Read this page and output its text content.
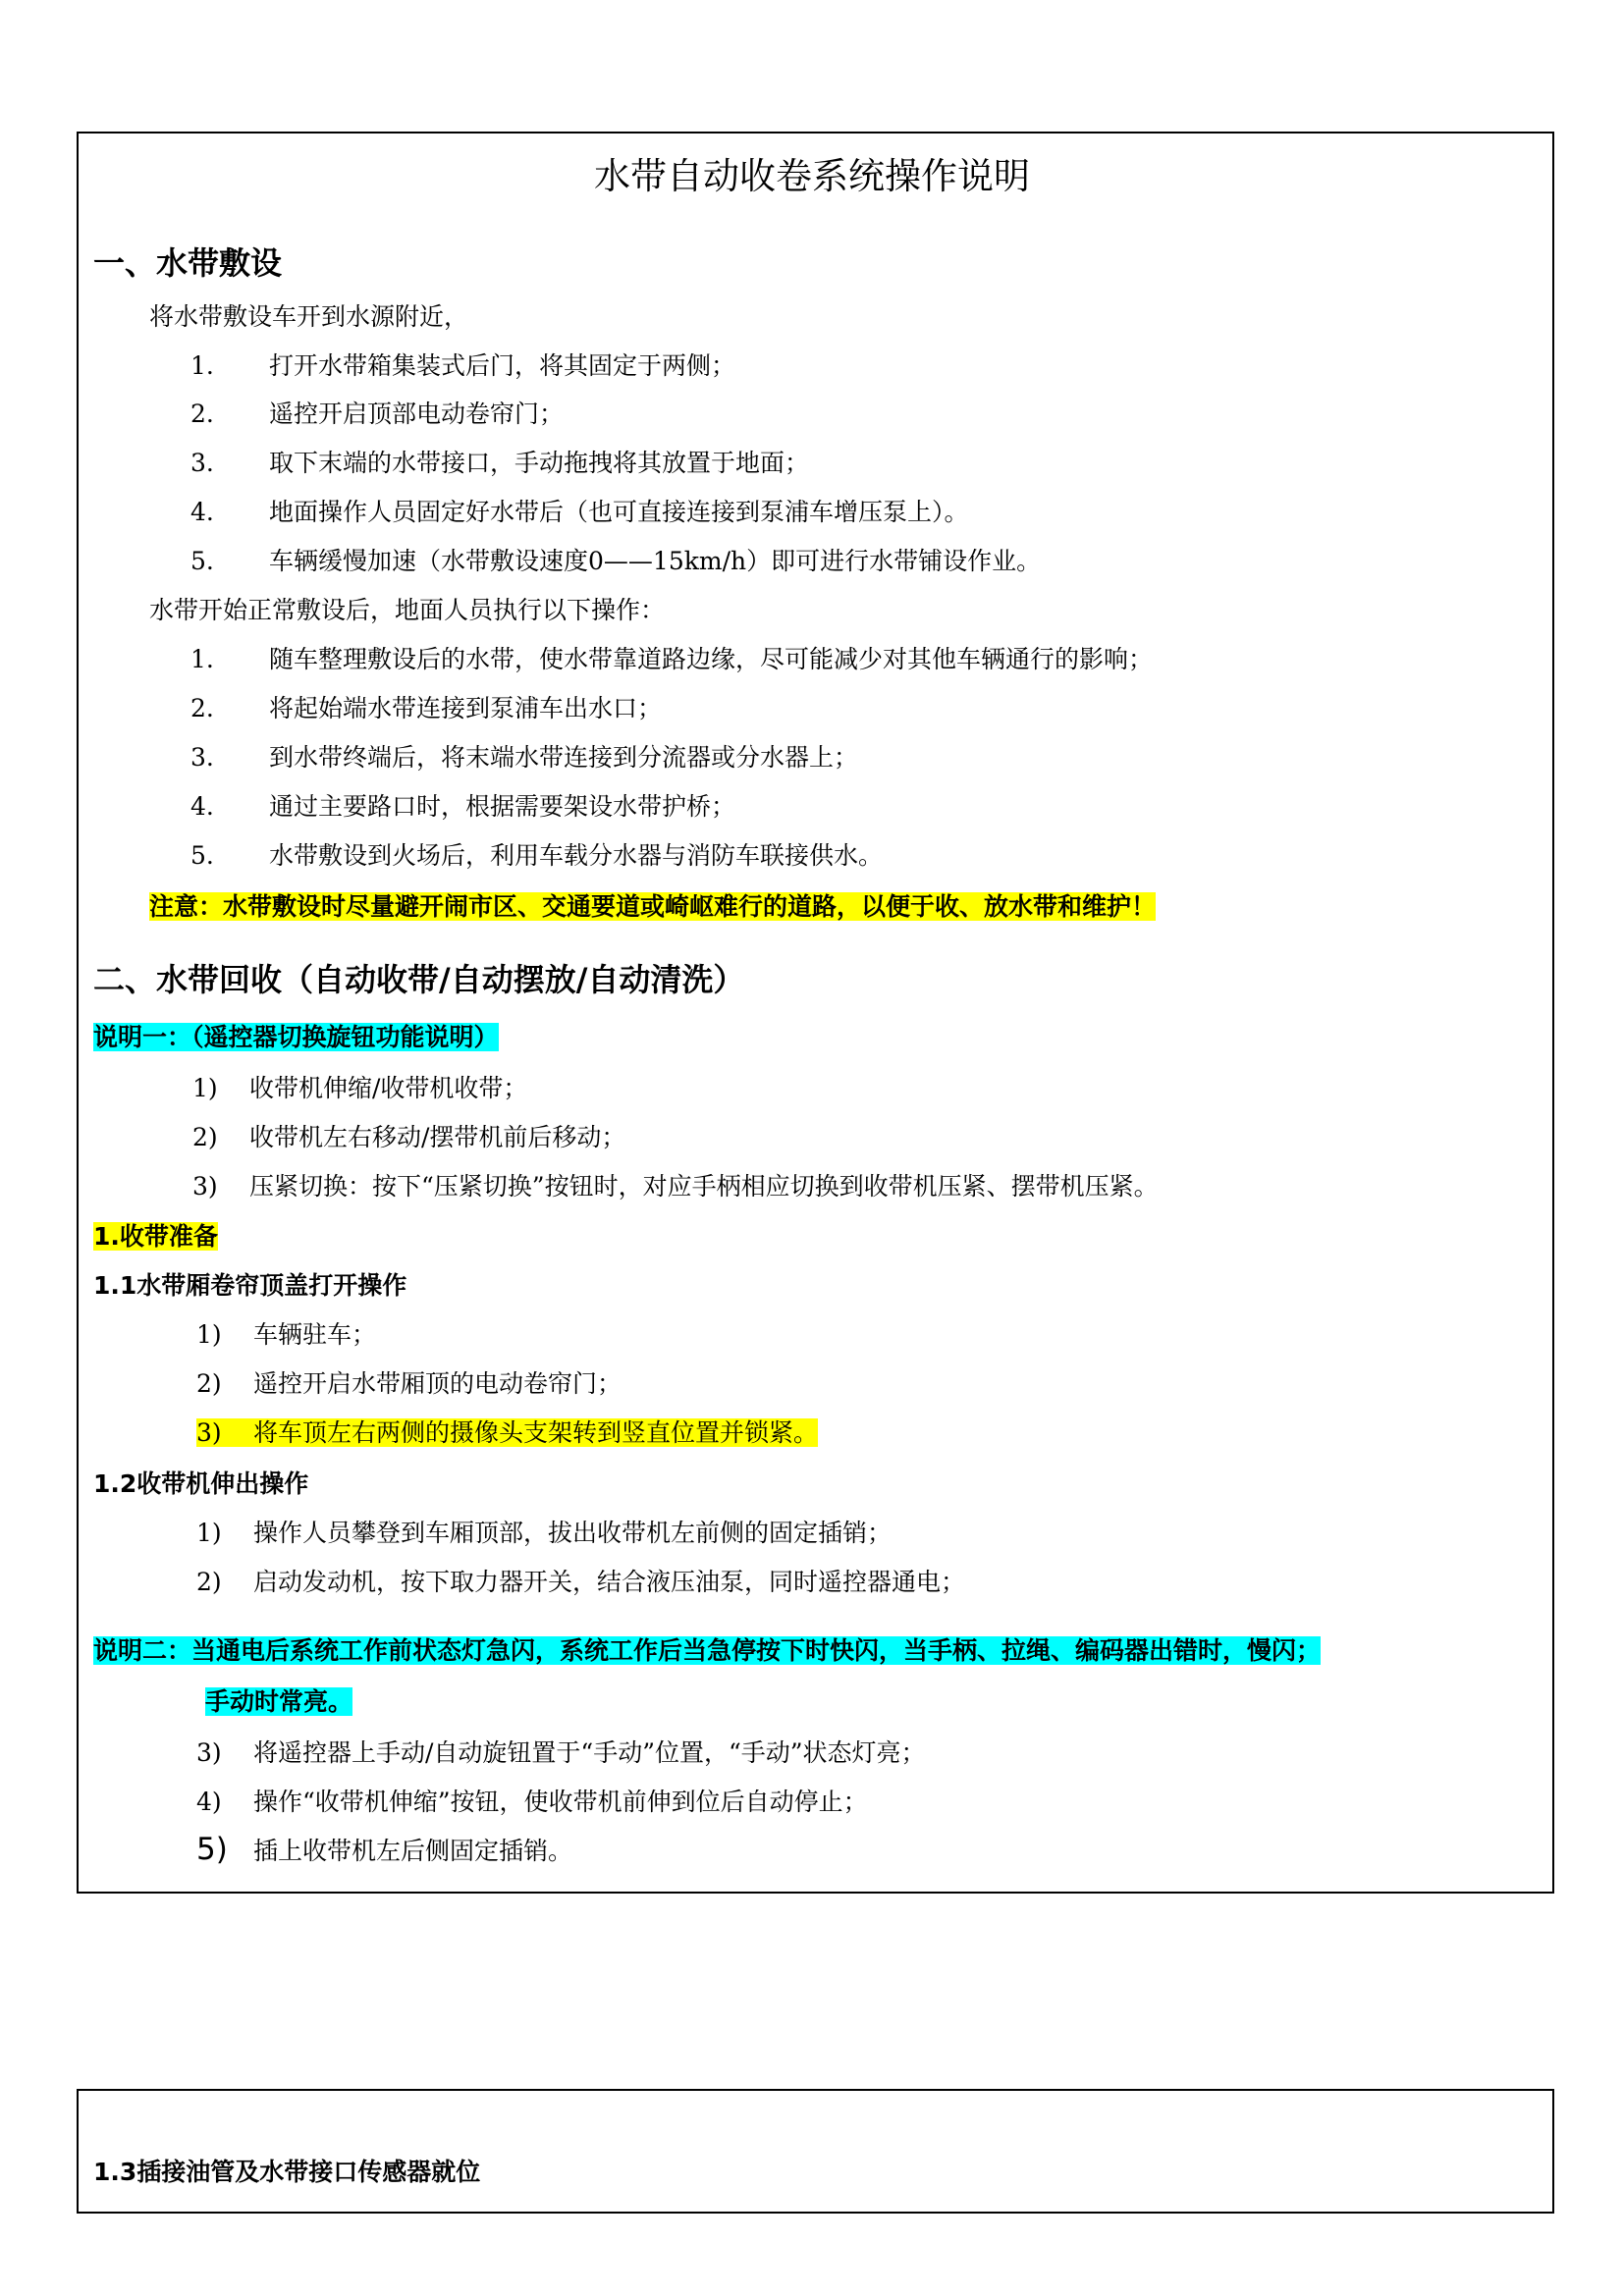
水带自动收卷系统操作说明
一、水带敷设
将水带敷设车开到水源附近，
1. 打开水带箱集装式后门，将其固定于两侧；
2. 遥控开启顶部电动卷帘门；
3. 取下末端的水带接口，手动拖拽将其放置于地面；
4. 地面操作人员固定好水带后（也可直接连接到泵浦车增压泵上）。
5. 车辆缓慢加速（水带敷设速度0——15km/h）即可进行水带铺设作业。
水带开始正常敷设后，地面人员执行以下操作：
1. 随车整理敷设后的水带，使水带靠道路边缘，尽可能减少对其他车辆通行的影响；
2. 将起始端水带连接到泵浦车出水口；
3. 到水带终端后，将末端水带连接到分流器或分水器上；
4. 通过主要路口时，根据需要架设水带护桥；
5. 水带敷设到火场后，利用车载分水器与消防车联接供水。
注意：水带敷设时尽量避开闹市区、交通要道或崎岖难行的道路，以便于收、放水带和维护！
二、水带回收（自动收带/自动摆放/自动清洗）
说明一：（遥控器切换旋钮功能说明）
1) 收带机伸缩/收带机收带；
2) 收带机左右移动/摆带机前后移动；
3) 压紧切换：按下“压紧切换”按钮时，对应手柄相应切换到收带机压紧、摆带机压紧。
1.收带准备
1.1水带厢卷帘顶盖打开操作
1) 车辆驻车；
2) 遥控开启水带厢顶的电动卷帘门；
3) 将车顶左右两侧的摄像头支架转到竖直位置并锁紧。
1.2收带机伸出操作
1) 操作人员攀登到车厢顶部，拔出收带机左前侧的固定插销；
2) 启动发动机，按下取力器开关，结合液压油泵，同时遥控器通电；
说明二：当通电后系统工作前状态灯急闪，系统工作后当急停按下时快闪，当手柄、拉绳、编码器出错时，慢闪；
手动时常亮。
3) 将遥控器上手动/自动旋钮置于“手动”位置，“手动”状态灯亮；
4) 操作“收带机伸缩”按钮，使收带机前伸到位后自动停止；
5) 插上收带机左后侧固定插销。
1.3插接油管及水带接口传感器就位
